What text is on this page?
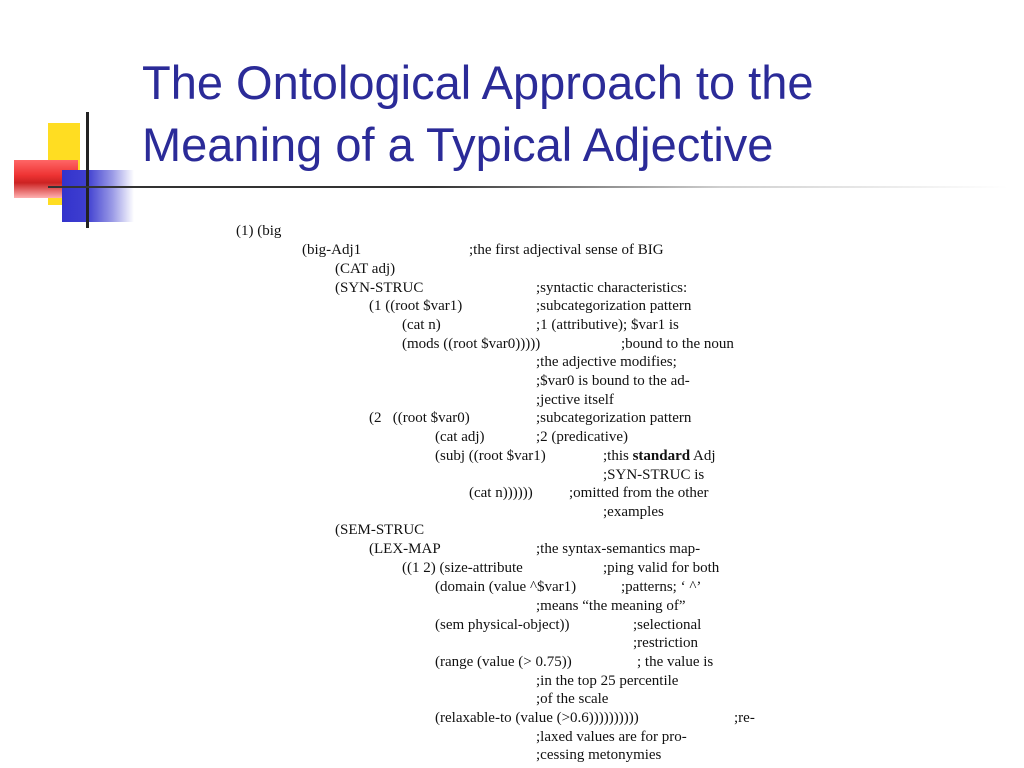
The Ontological Approach to the
Meaning of a Typical Adjective
(1) (big
(big-Adj1
(CAT adj)
(SYN-STRUC
(1 ((root $var1)
(cat n)
(mods ((root $var0)))))
(2   ((root $var0)
(cat adj)
(subj ((root $var1)
(cat n))))))
(SEM-STRUC
(LEX-MAP
((1 2) (size-attribute
(domain (value ^$var1)
(sem physical-object))
(range (value (> 0.75))
(relaxable-to (value (>0.6))))))))))
;the first adjectival sense of BIG
;syntactic characteristics:
;subcategorization pattern
;1 (attributive); $var1 is
;bound to the noun
;the adjective modifies;
;$var0 is bound to the ad-
;jective itself
;subcategorization pattern
;2 (predicative)
;this standard Adj
;SYN-STRUC is
;omitted from the other
;examples
;the syntax-semantics map-
;ping valid for both
;patterns; ‘ ^’
;means “the meaning of”
;selectional
;restriction
; the value is
;in the top 25 percentile
;of the scale
;re-
;laxed values are for pro-
;cessing metonymies
